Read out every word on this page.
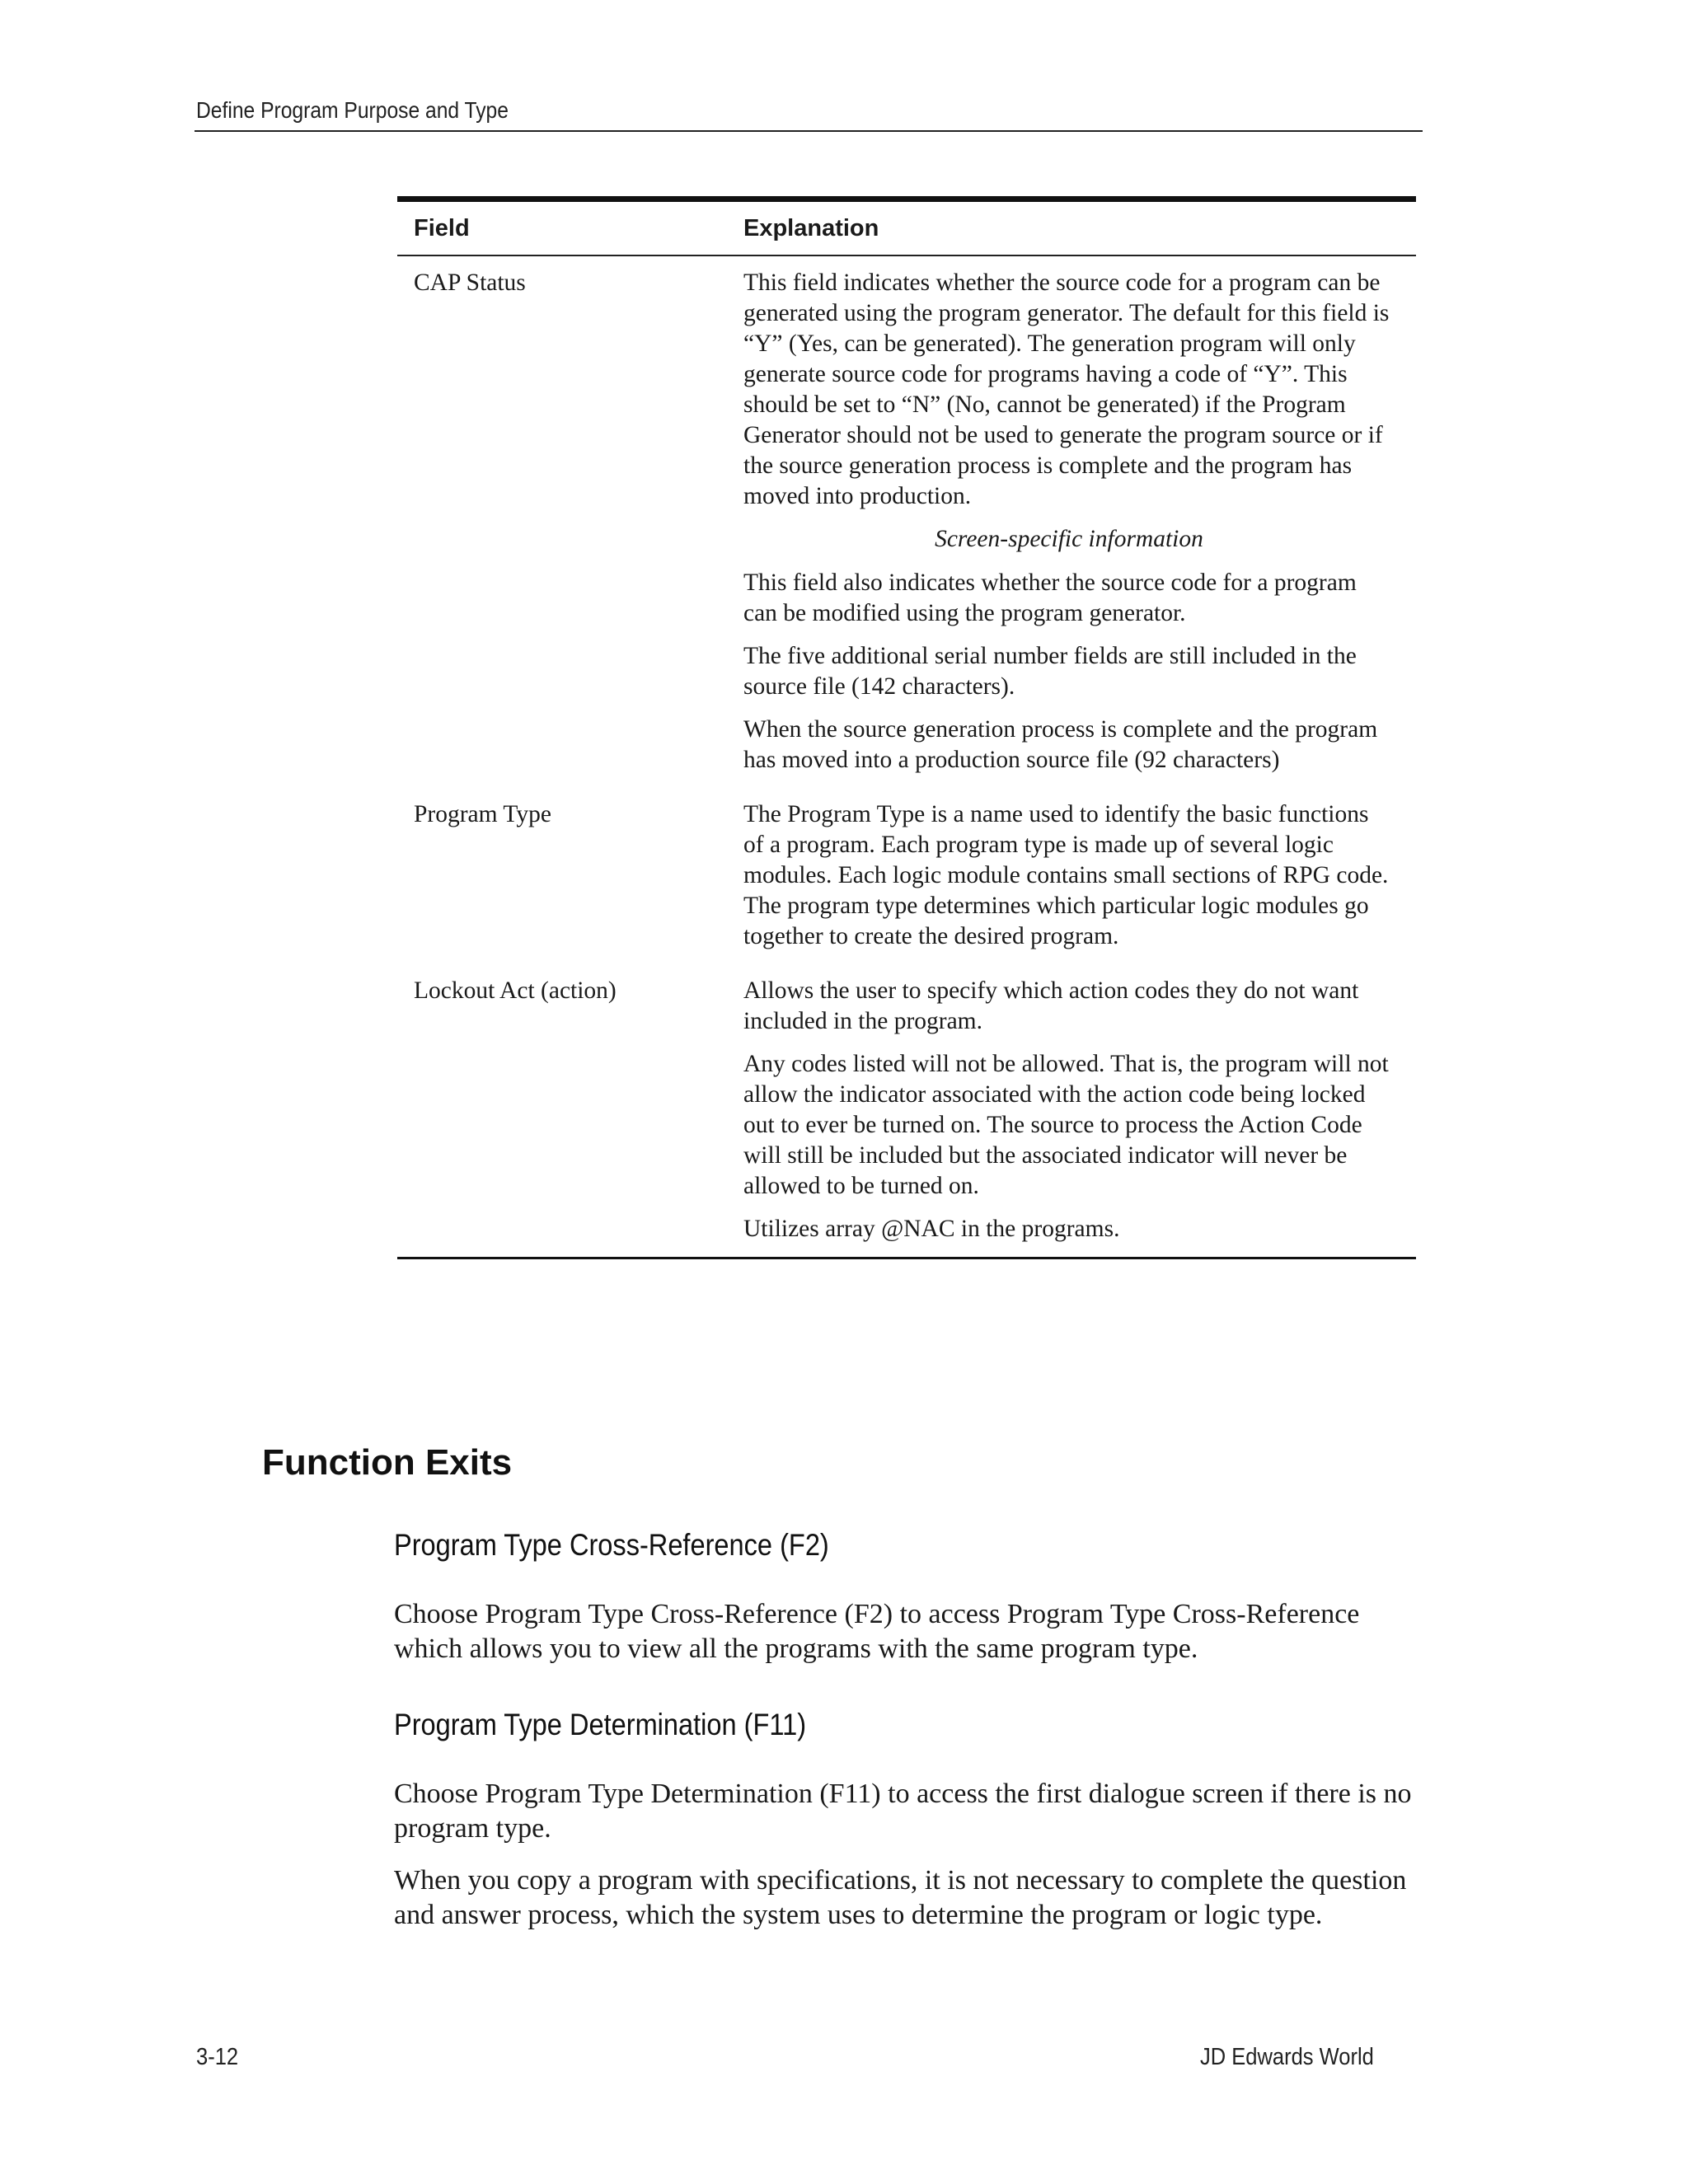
Define Program Purpose and Type
Field	Explanation
CAP Status	This field indicates whether the source code for a program can be generated using the program generator. The default for this field is “Y” (Yes, can be generated). The generation program will only generate source code for programs having a code of “Y”. This should be set to “N” (No, cannot be generated) if the Program Generator should not be used to generate the program source or if the source generation process is complete and the program has moved into production.

Screen-specific information

This field also indicates whether the source code for a program can be modified using the program generator.

The five additional serial number fields are still included in the source file (142 characters).

When the source generation process is complete and the program has moved into a production source file (92 characters)

Program Type	The Program Type is a name used to identify the basic functions of a program. Each program type is made up of several logic modules. Each logic module contains small sections of RPG code. The program type determines which particular logic modules go together to create the desired program.

Lockout Act (action)	Allows the user to specify which action codes they do not want included in the program.

Any codes listed will not be allowed. That is, the program will not allow the indicator associated with the action code being locked out to ever be turned on. The source to process the Action Code will still be included but the associated indicator will never be allowed to be turned on.

Utilizes array @NAC in the programs.

Function Exits
Program Type Cross-Reference (F2)

Choose Program Type Cross-Reference (F2) to access Program Type Cross-Reference which allows you to view all the programs with the same program type.

Program Type Determination (F11)

Choose Program Type Determination (F11) to access the first dialogue screen if there is no program type.

When you copy a program with specifications, it is not necessary to complete the question and answer process, which the system uses to determine the program or logic type.

3-12	JD Edwards World
